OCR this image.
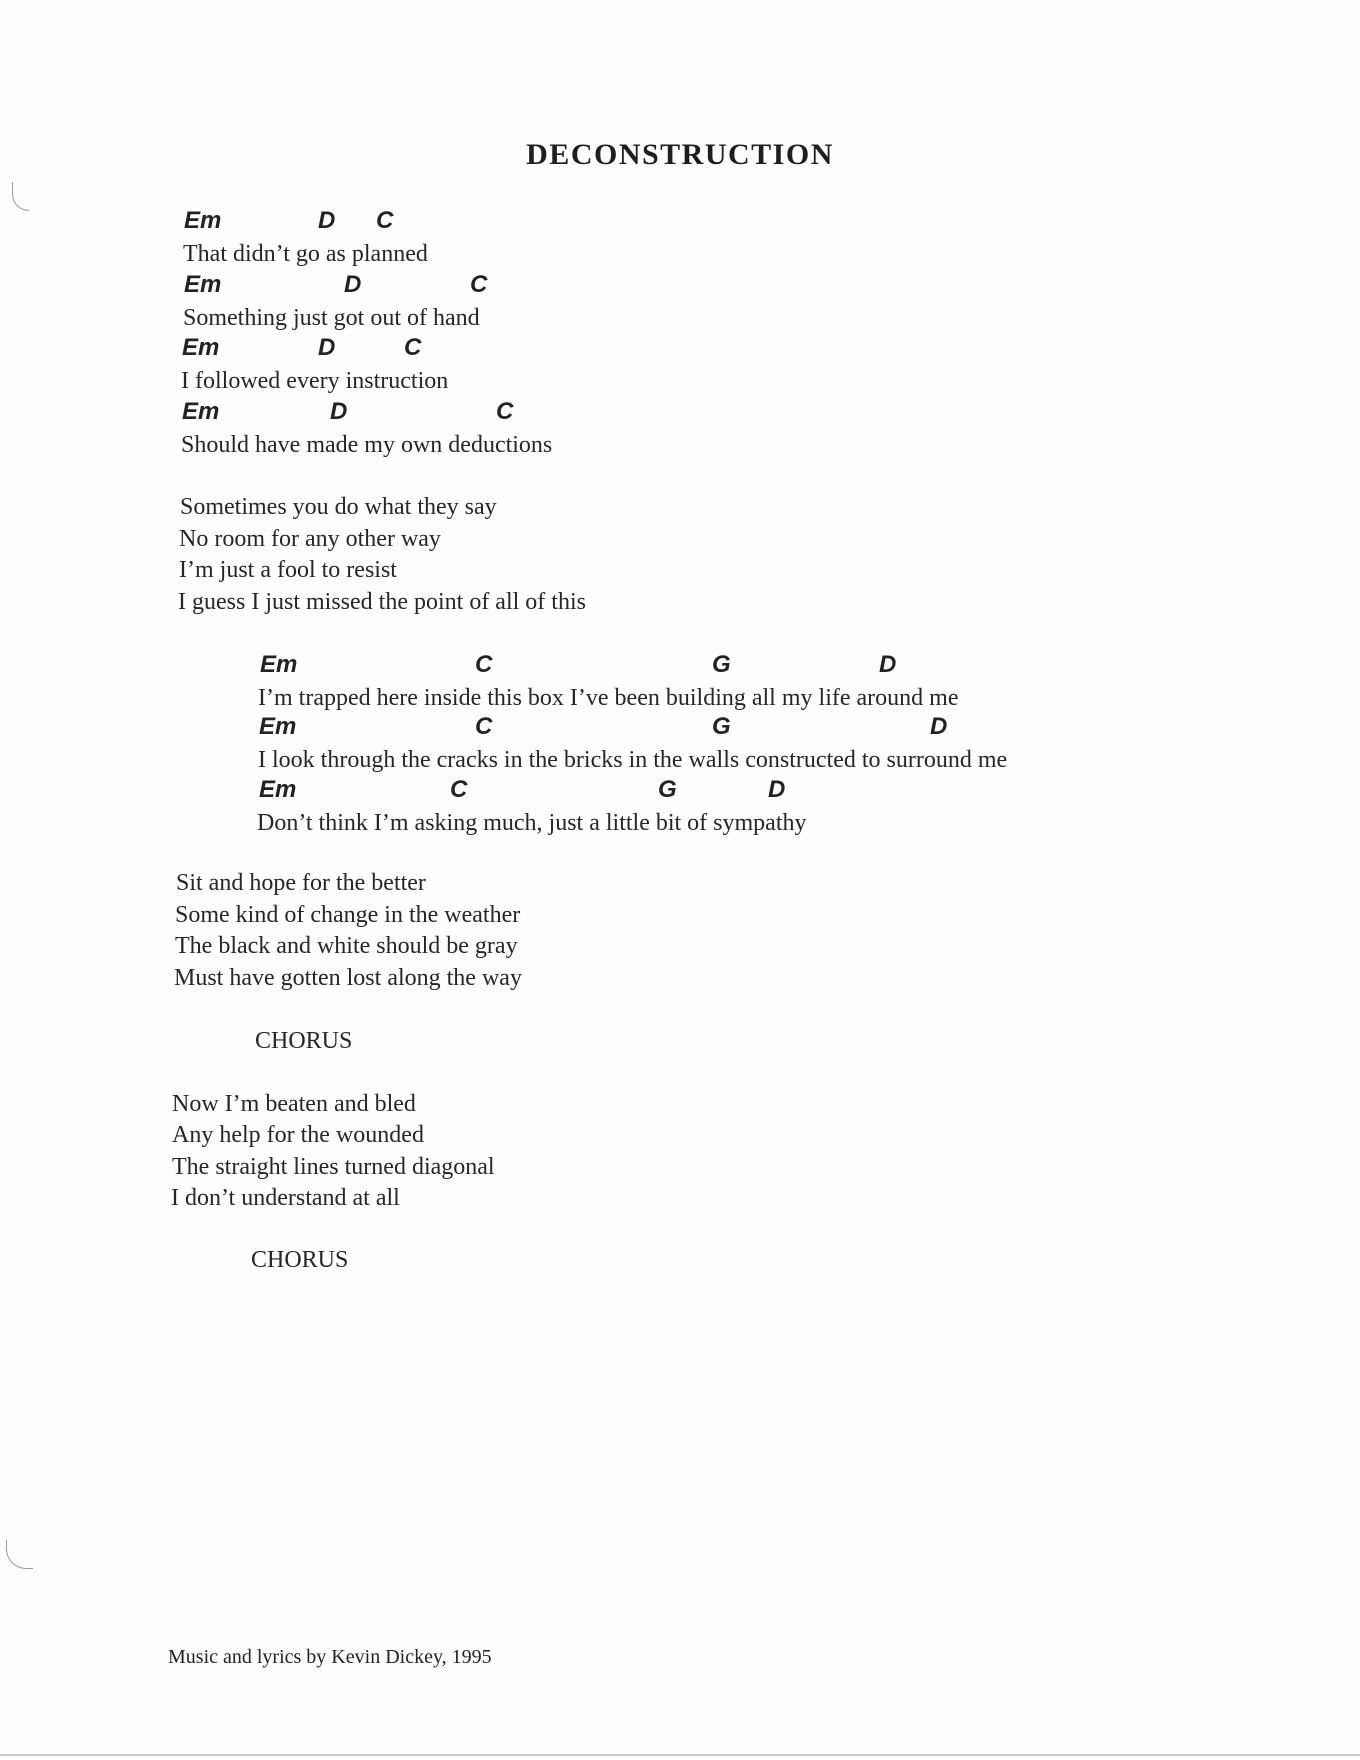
DECONSTRUCTION
Em	D C
That didn’t go as planned
Em	D	C
Something just got out of hand
Em	D	C
I followed every instruction
Em	D	C
Should have made my own deductions
Sometimes you do what they say
No room for any other way
I’m just a fool to resist
I guess I just missed the point of all of this
Em	C	G	D
I’m trapped here inside this box I’ve been building all my life around me
Em	C	G	D
I look through the cracks in the bricks in the walls constructed to surround me
Em	C	G	D
Don’t think I’m asking much, just a little bit of sympathy
Sit and hope for the better
Some kind of change in the weather
The black and white should be gray
Must have gotten lost along the way
CHORUS
Now I’m beaten and bled
Any help for the wounded
The straight lines turned diagonal
I don’t understand at all
CHORUS
Music and lyrics by Kevin Dickey, 1995
